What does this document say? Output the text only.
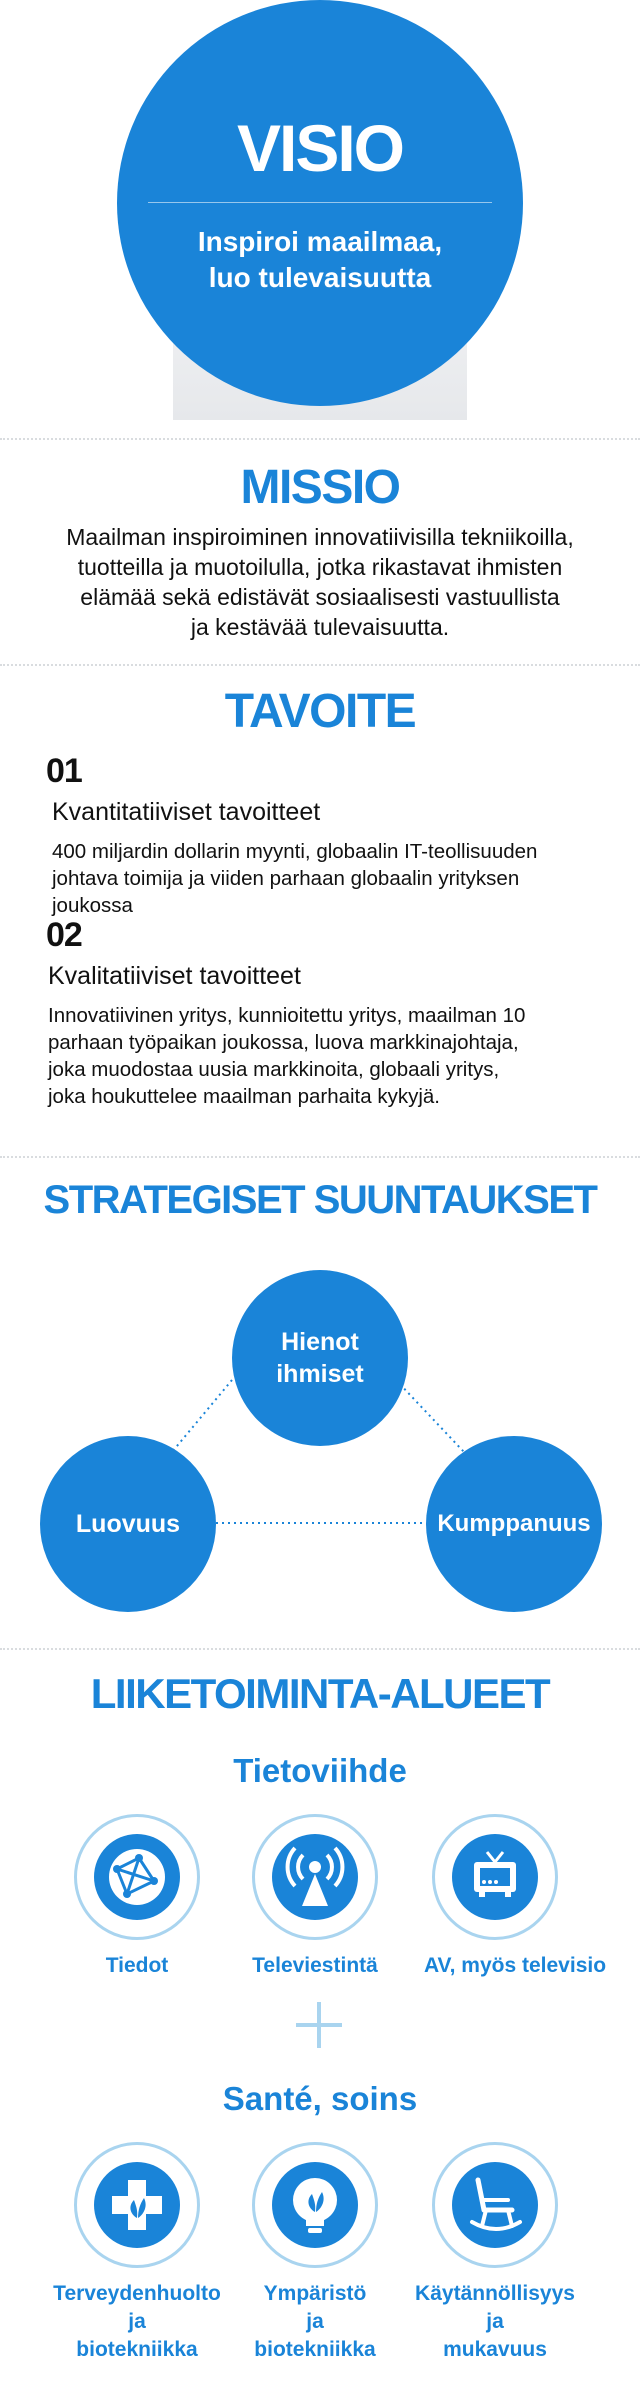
VISIO
Inspiroi maailmaa,
luo tulevaisuutta
MISSIO
Maailman inspiroiminen innovatiivisilla tekniikoilla,
tuotteilla ja muotoilulla, jotka rikastavat ihmisten
elämää sekä edistävät sosiaalisesti vastuullista
ja kestävää tulevaisuutta.
TAVOITE
01
Kvantitatiiviset tavoitteet
400 miljardin dollarin myynti, globaalin IT-teollisuuden
johtava toimija ja viiden parhaan globaalin yrityksen
joukossa
02
Kvalitatiiviset tavoitteet
Innovatiivinen yritys, kunnioitettu yritys, maailman 10
parhaan työpaikan joukossa, luova markkinajohtaja,
joka muodostaa uusia markkinoita, globaali yritys,
joka houkuttelee maailman parhaita kykyjä.
STRATEGISET SUUNTAUKSET
Hienot
ihmiset
Luovuus	Kumppanuus
LIIKETOIMINTA-ALUEET
Tietoviihde
Tiedot	Televiestintä	AV, myös televisio
Santé, soins
Terveydenhuolto
ja
biotekniikka
Ympäristö
ja
biotekniikka
Käytännöllisyys
ja
mukavuus
